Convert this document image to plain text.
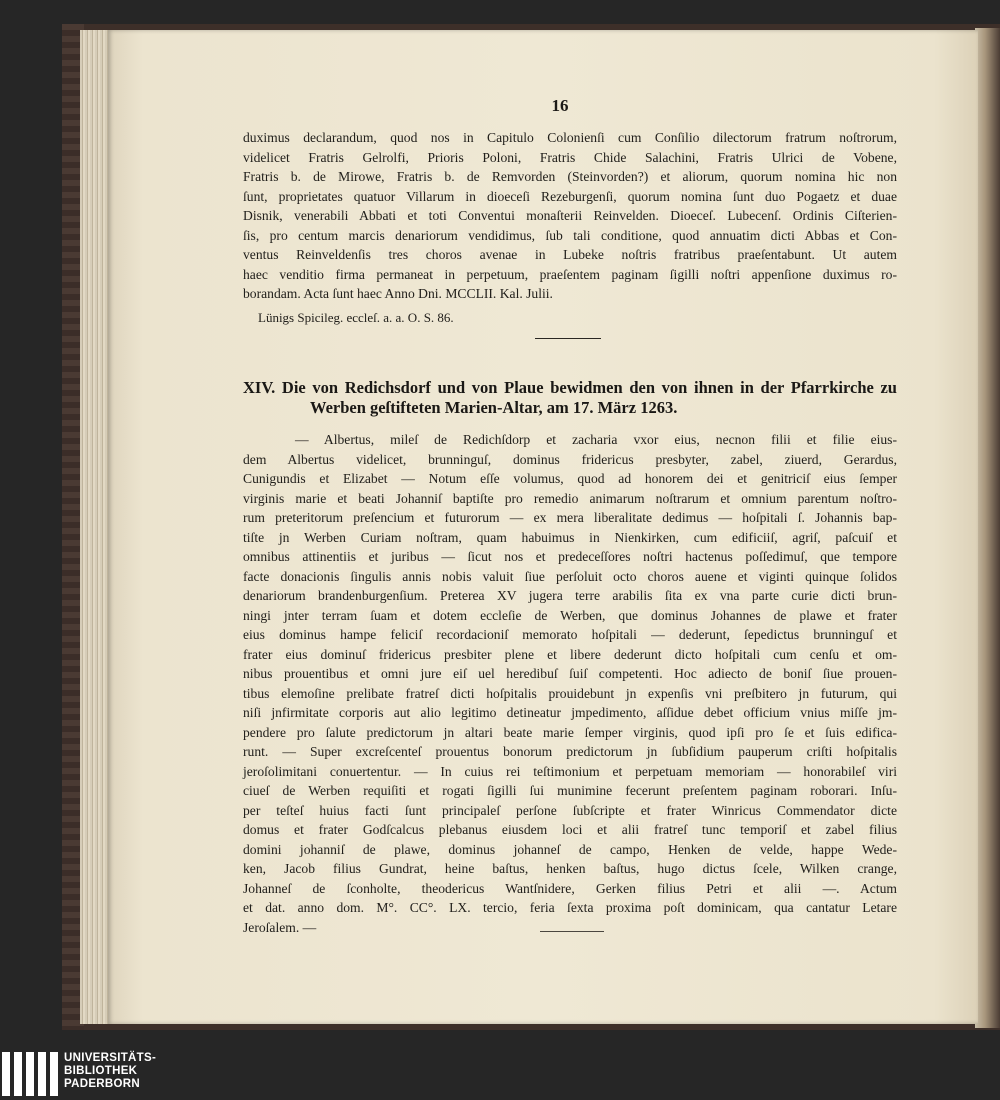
16
duximus declarandum, quod nos in Capitulo Colonienſi cum Conſilio dilectorum fratrum noſtrorum,
videlicet Fratris Gelrolfi, Prioris Poloni, Fratris Chide Salachini, Fratris Ulrici de Vobene,
Fratris b. de Mirowe, Fratris b. de Remvorden (Steinvorden?) et aliorum, quorum nomina hic non
ſunt, proprietates quatuor Villarum in dioeceſi Rezeburgenſi, quorum nomina ſunt duo Pogaetz et duae
Disnik, venerabili Abbati et toti Conventui monaſterii Reinvelden. Dioeceſ. Lubecenſ. Ordinis Ciſterien-
ſis, pro centum marcis denariorum vendidimus, ſub tali conditione, quod annuatim dicti Abbas et Con-
ventus Reinveldenſis tres choros avenae in Lubeke noſtris fratribus praeſentabunt. Ut autem
haec venditio firma permaneat in perpetuum, praeſentem paginam ſigilli noſtri appenſione duximus ro-
borandam. Acta ſunt haec Anno Dni. MCCLII. Kal. Julii.
Lünigs Spicileg. eccleſ. a. a. O. S. 86.
XIV. Die von Redichsdorf und von Plaue bewidmen den von ihnen in der Pfarrkirche zu
Werben geſtifteten Marien-Altar, am 17. März 1263.
— Albertus, mileſ de Redichſdorp et zacharia vxor eius, necnon filii et filie eius-
dem Albertus videlicet, brunninguſ, dominus fridericus presbyter, zabel, ziuerd, Gerardus,
Cunigundis et Elizabet — Notum eſſe volumus, quod ad honorem dei et genitriciſ eius ſemper
virginis marie et beati Johanniſ baptiſte pro remedio animarum noſtrarum et omnium parentum noſtro-
rum preteritorum preſencium et futurorum — ex mera liberalitate dedimus — hoſpitali ſ. Johannis bap-
tiſte jn Werben Curiam noſtram, quam habuimus in Nienkirken, cum edificiiſ, agriſ, paſcuiſ et
omnibus attinentiis et juribus — ſicut nos et predeceſſores noſtri hactenus poſſedimuſ, que tempore
facte donacionis ſingulis annis nobis valuit ſiue perſoluit octo choros auene et viginti quinque ſolidos
denariorum brandenburgenſium. Preterea XV jugera terre arabilis ſita ex vna parte curie dicti brun-
ningi jnter terram ſuam et dotem eccleſie de Werben, que dominus Johannes de plawe et frater
eius dominus hampe feliciſ recordacioniſ memorato hoſpitali — dederunt, ſepedictus brunninguſ et
frater eius dominuſ fridericus presbiter plene et libere dederunt dicto hoſpitali cum cenſu et om-
nibus prouentibus et omni jure eiſ uel heredibuſ ſuiſ competenti. Hoc adiecto de boniſ ſiue prouen-
tibus elemoſine prelibate fratreſ dicti hoſpitalis prouidebunt jn expenſis vni preſbitero jn futurum, qui
niſi jnfirmitate corporis aut alio legitimo detineatur jmpedimento, aſſidue debet officium vnius miſſe jm-
pendere pro ſalute predictorum jn altari beate marie ſemper virginis, quod ipſi pro ſe et ſuis edifica-
runt. — Super excreſcenteſ prouentus bonorum predictorum jn ſubſidium pauperum criſti hoſpitalis
jeroſolimitani conuertentur. — In cuius rei teſtimonium et perpetuam memoriam — honorabileſ viri
ciueſ de Werben requiſiti et rogati ſigilli ſui munimine fecerunt preſentem paginam roborari. Inſu-
per teſteſ huius facti ſunt principaleſ perſone ſubſcripte et frater Winricus Commendator dicte
domus et frater Godſcalcus plebanus eiusdem loci et alii fratreſ tunc temporiſ et zabel filius
domini johanniſ de plawe, dominus johanneſ de campo, Henken de velde, happe Wede-
ken, Jacob filius Gundrat, heine baſtus, henken baſtus, hugo dictus ſcele, Wilken crange,
Johanneſ de ſconholte, theodericus Wantſnidere, Gerken filius Petri et alii —. Actum
et dat. anno dom. M°. CC°. LX. tercio, feria ſexta proxima poſt dominicam, qua cantatur Letare
Jeroſalem. —
UNIVERSITÄTS-
BIBLIOTHEK
PADERBORN
